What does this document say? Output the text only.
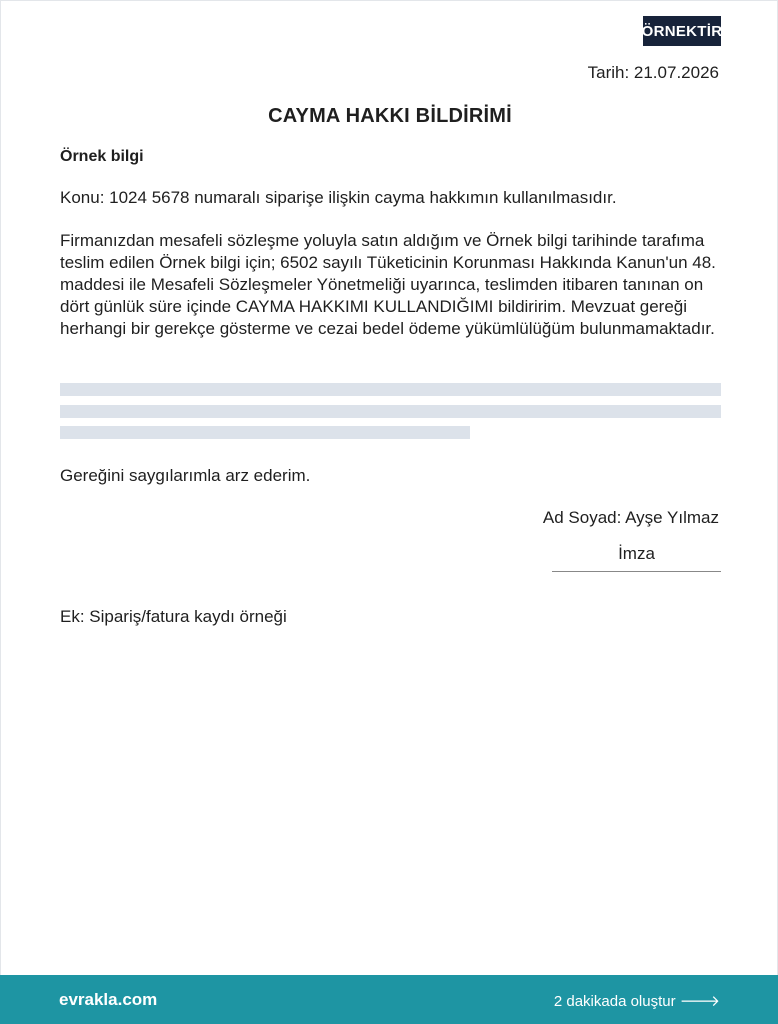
ÖRNEKTİR
Tarih: 21.07.2026
CAYMA HAKKI BİLDİRİMİ
Örnek bilgi
Konu: 1024 5678 numaralı siparişe ilişkin cayma hakkımın kullanılmasıdır.
Firmanızdan mesafeli sözleşme yoluyla satın aldığım ve Örnek bilgi tarihinde tarafıma teslim edilen Örnek bilgi için; 6502 sayılı Tüketicinin Korunması Hakkında Kanun'un 48. maddesi ile Mesafeli Sözleşmeler Yönetmeliği uyarınca, teslimden itibaren tanınan on dört günlük süre içinde CAYMA HAKKIMI KULLANDIĞIMI bildiririm. Mevzuat gereği herhangi bir gerekçe gösterme ve cezai bedel ödeme yükümlülüğüm bulunmamaktadır.
Gereğini saygılarımla arz ederim.
Ad Soyad: Ayşe Yılmaz
İmza
Ek: Sipariş/fatura kaydı örneği
evrakla.com	2 dakikada oluştur 🡒
